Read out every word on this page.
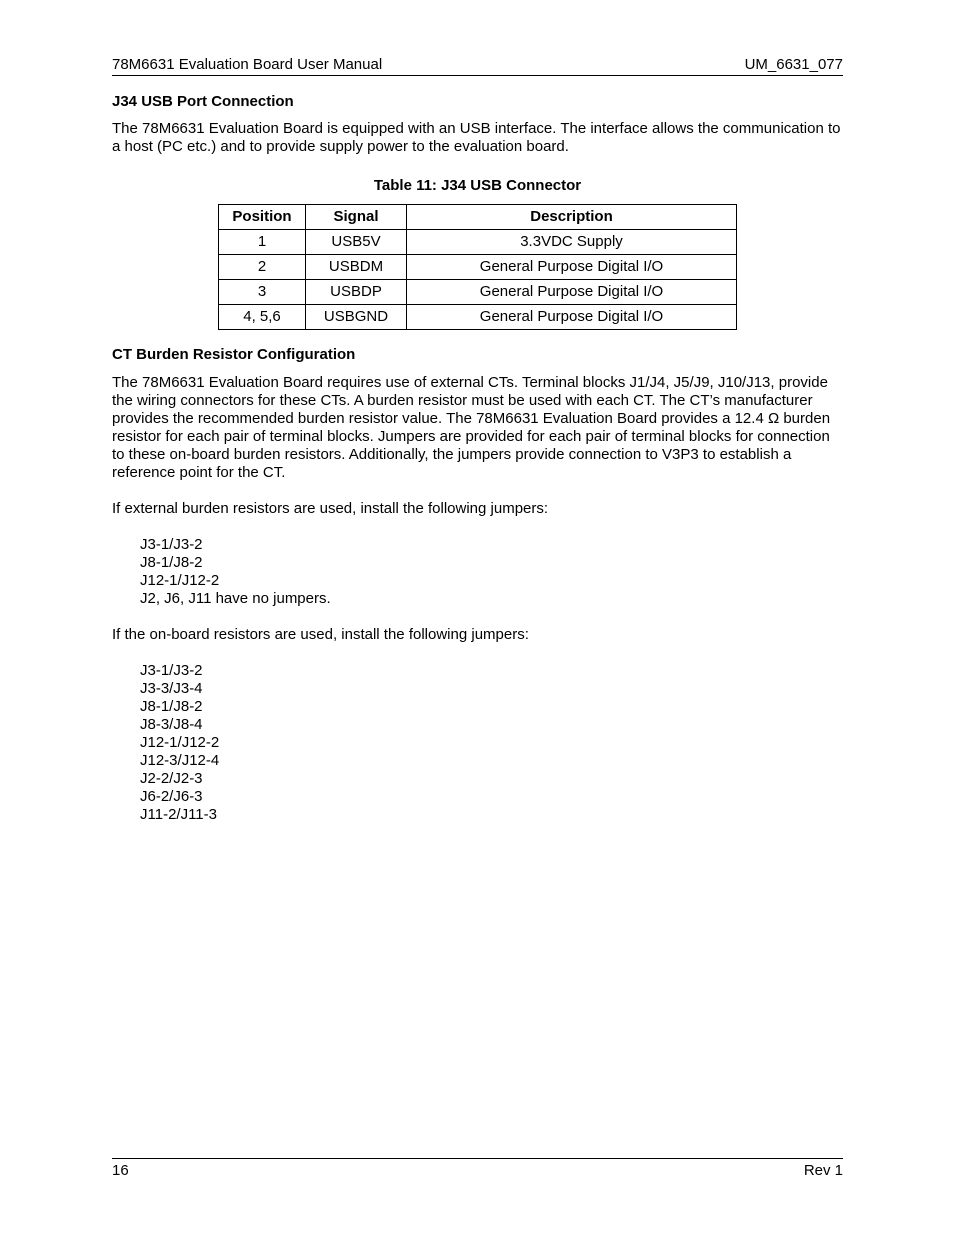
78M6631 Evaluation Board User Manual	UM_6631_077
J34 USB Port Connection

The 78M6631 Evaluation Board is equipped with an USB interface. The interface allows the communication to a host (PC etc.) and to provide supply power to the evaluation board.

Table 11: J34 USB Connector
Position	Signal	Description
1	USB5V	3.3VDC Supply
2	USBDM	General Purpose Digital I/O
3	USBDP	General Purpose Digital I/O
4, 5,6	USBGND	General Purpose Digital I/O
CT Burden Resistor Configuration

The 78M6631 Evaluation Board requires use of external CTs. Terminal blocks J1/J4, J5/J9, J10/J13, provide the wiring connectors for these CTs. A burden resistor must be used with each CT. The CT’s manufacturer provides the recommended burden resistor value. The 78M6631 Evaluation Board provides a 12.4 Ω burden resistor for each pair of terminal blocks. Jumpers are provided for each pair of terminal blocks for connection to these on-board burden resistors. Additionally, the jumpers provide connection to V3P3 to establish a reference point for the CT.

If external burden resistors are used, install the following jumpers:

J3-1/J3-2
J8-1/J8-2
J12-1/J12-2
J2, J6, J11 have no jumpers.

If the on-board resistors are used, install the following jumpers:

J3-1/J3-2
J3-3/J3-4
J8-1/J8-2
J8-3/J8-4
J12-1/J12-2
J12-3/J12-4
J2-2/J2-3
J6-2/J6-3
J11-2/J11-3
16	Rev 1
